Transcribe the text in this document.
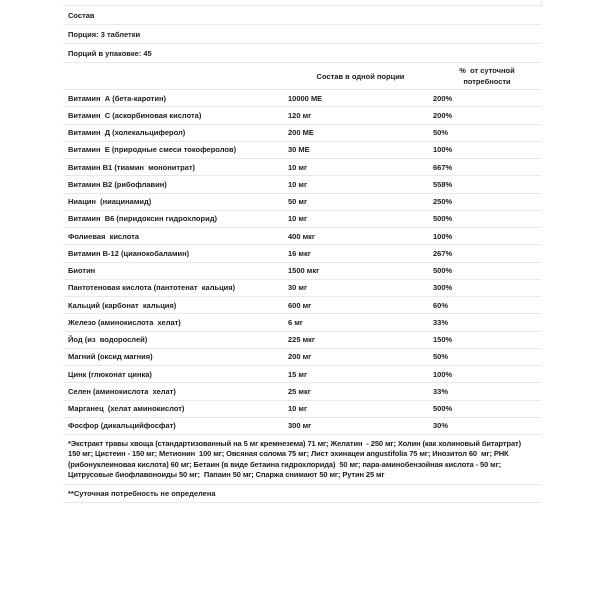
Состав
Порция: 3 таблетки
Порций в упаковке: 45
Состав в одной порции
%  от суточной потребности
Витамин  А (бета-каротин)	10000 МЕ	200%
Витамин  С (аскорбиновая кислота)	120 мг	200%
Витамин  Д (холекальциферол)	200 МЕ	50%
Витамин  Е (природные смеси токоферолов)	30 МЕ	100%
Витамин В1 (тиамин  мононитрат)	10 мг	667%
Витамин В2 (рибофлавин)	10 мг	558%
Ниацин  (ниацинамид)	50 мг	250%
Витамин  В6 (пиридоксин гидрохлорид)	10 мг	500%
Фолиевая  кислота	400 мкг	100%
Витамин В-12 (цианокобаламин)	16 мкг	267%
Биотин	1500 мкг	500%
Пантотеновая кислота (пантотенат  кальция)	30 мг	300%
Кальций (карбонат  кальция)	600 мг	60%
Железо (аминокислота  хелат)	6 мг	33%
Йод (из  водорослей)	225 мкг	150%
Магний (оксид магния)	200 мг	50%
Цинк (глюконат цинка)	15 мг	100%
Селен (аминокислота  хелат)	25 мкг	33%
Марганец  (хелат аминокислот)	10 мг	500%
Фосфор (дикальцийфосфат)	300 мг	30%
*Экстракт травы хвоща (стандартизованный на 5 мг кремнезема) 71 мг; Желатин  - 250 мг; Холин (как холиновый битартрат) 150 мг; Цистеин - 150 мг; Метионин  100 мг; Овсяная солома 75 мг; Лист эхинацеи angustifolia 75 мг; Инозитол 60  мг; РНК (рибонуклеиновая кислота) 60 мг; Бетаин (в виде бетаина гидрохлорида)  50 мг; пара-аминобензойная кислота - 50 мг; Цитрусовые биофлавоноиды 50 мг;  Папаин 50 мг; Спаржа снимают 50 мг; Рутин 25 мг
**Суточная потребность не определена
